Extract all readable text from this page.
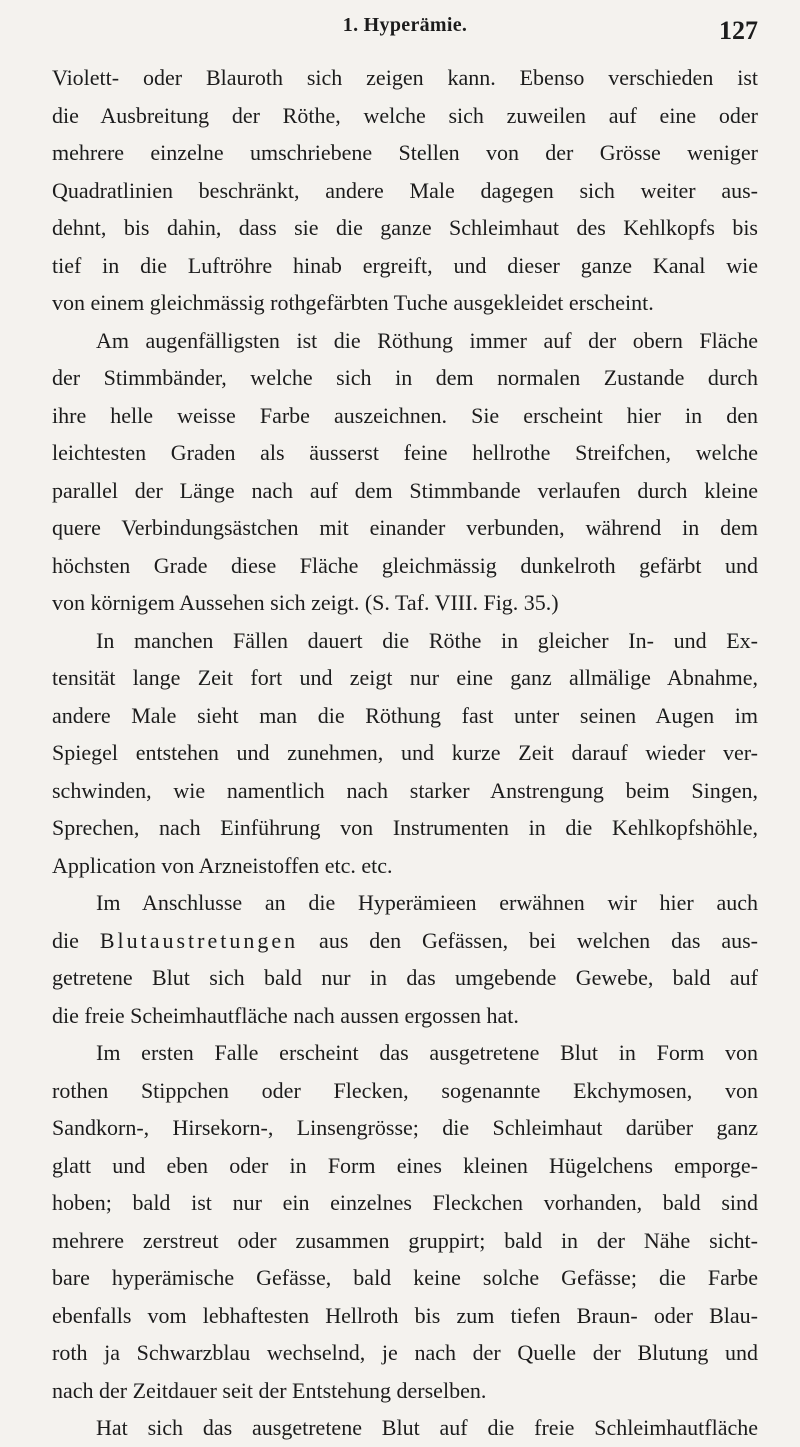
1. Hyperämie.	127
Violett- oder Blauroth sich zeigen kann. Ebenso verschieden ist
die Ausbreitung der Röthe, welche sich zuweilen auf eine oder
mehrere einzelne umschriebene Stellen von der Grösse weniger
Quadratlinien beschränkt, andere Male dagegen sich weiter aus-
dehnt, bis dahin, dass sie die ganze Schleimhaut des Kehlkopfs bis
tief in die Luftröhre hinab ergreift, und dieser ganze Kanal wie
von einem gleichmässig rothgefärbten Tuche ausgekleidet erscheint.
Am augenfälligsten ist die Röthung immer auf der obern Fläche
der Stimmbänder, welche sich in dem normalen Zustande durch
ihre helle weisse Farbe auszeichnen. Sie erscheint hier in den
leichtesten Graden als äusserst feine hellrothe Streifchen, welche
parallel der Länge nach auf dem Stimmbande verlaufen durch kleine
quere Verbindungsästchen mit einander verbunden, während in dem
höchsten Grade diese Fläche gleichmässig dunkelroth gefärbt und
von körnigem Aussehen sich zeigt. (S. Taf. VIII. Fig. 35.)
In manchen Fällen dauert die Röthe in gleicher In- und Ex-
tensität lange Zeit fort und zeigt nur eine ganz allmälige Abnahme,
andere Male sieht man die Röthung fast unter seinen Augen im
Spiegel entstehen und zunehmen, und kurze Zeit darauf wieder ver-
schwinden, wie namentlich nach starker Anstrengung beim Singen,
Sprechen, nach Einführung von Instrumenten in die Kehlkopfshöhle,
Application von Arzneistoffen etc. etc.
Im Anschlusse an die Hyperämieen erwähnen wir hier auch
die Blutaustretungen aus den Gefässen, bei welchen das aus-
getretene Blut sich bald nur in das umgebende Gewebe, bald auf
die freie Scheimhautfläche nach aussen ergossen hat.
Im ersten Falle erscheint das ausgetretene Blut in Form von
rothen Stippchen oder Flecken, sogenannte Ekchymosen, von
Sandkorn-, Hirsekorn-, Linsengrösse; die Schleimhaut darüber ganz
glatt und eben oder in Form eines kleinen Hügelchens emporge-
hoben; bald ist nur ein einzelnes Fleckchen vorhanden, bald sind
mehrere zerstreut oder zusammen gruppirt; bald in der Nähe sicht-
bare hyperämische Gefässe, bald keine solche Gefässe; die Farbe
ebenfalls vom lebhaftesten Hellroth bis zum tiefen Braun- oder Blau-
roth ja Schwarzblau wechselnd, je nach der Quelle der Blutung und
nach der Zeitdauer seit der Entstehung derselben.
Hat sich das ausgetretene Blut auf die freie Schleimhautfläche
